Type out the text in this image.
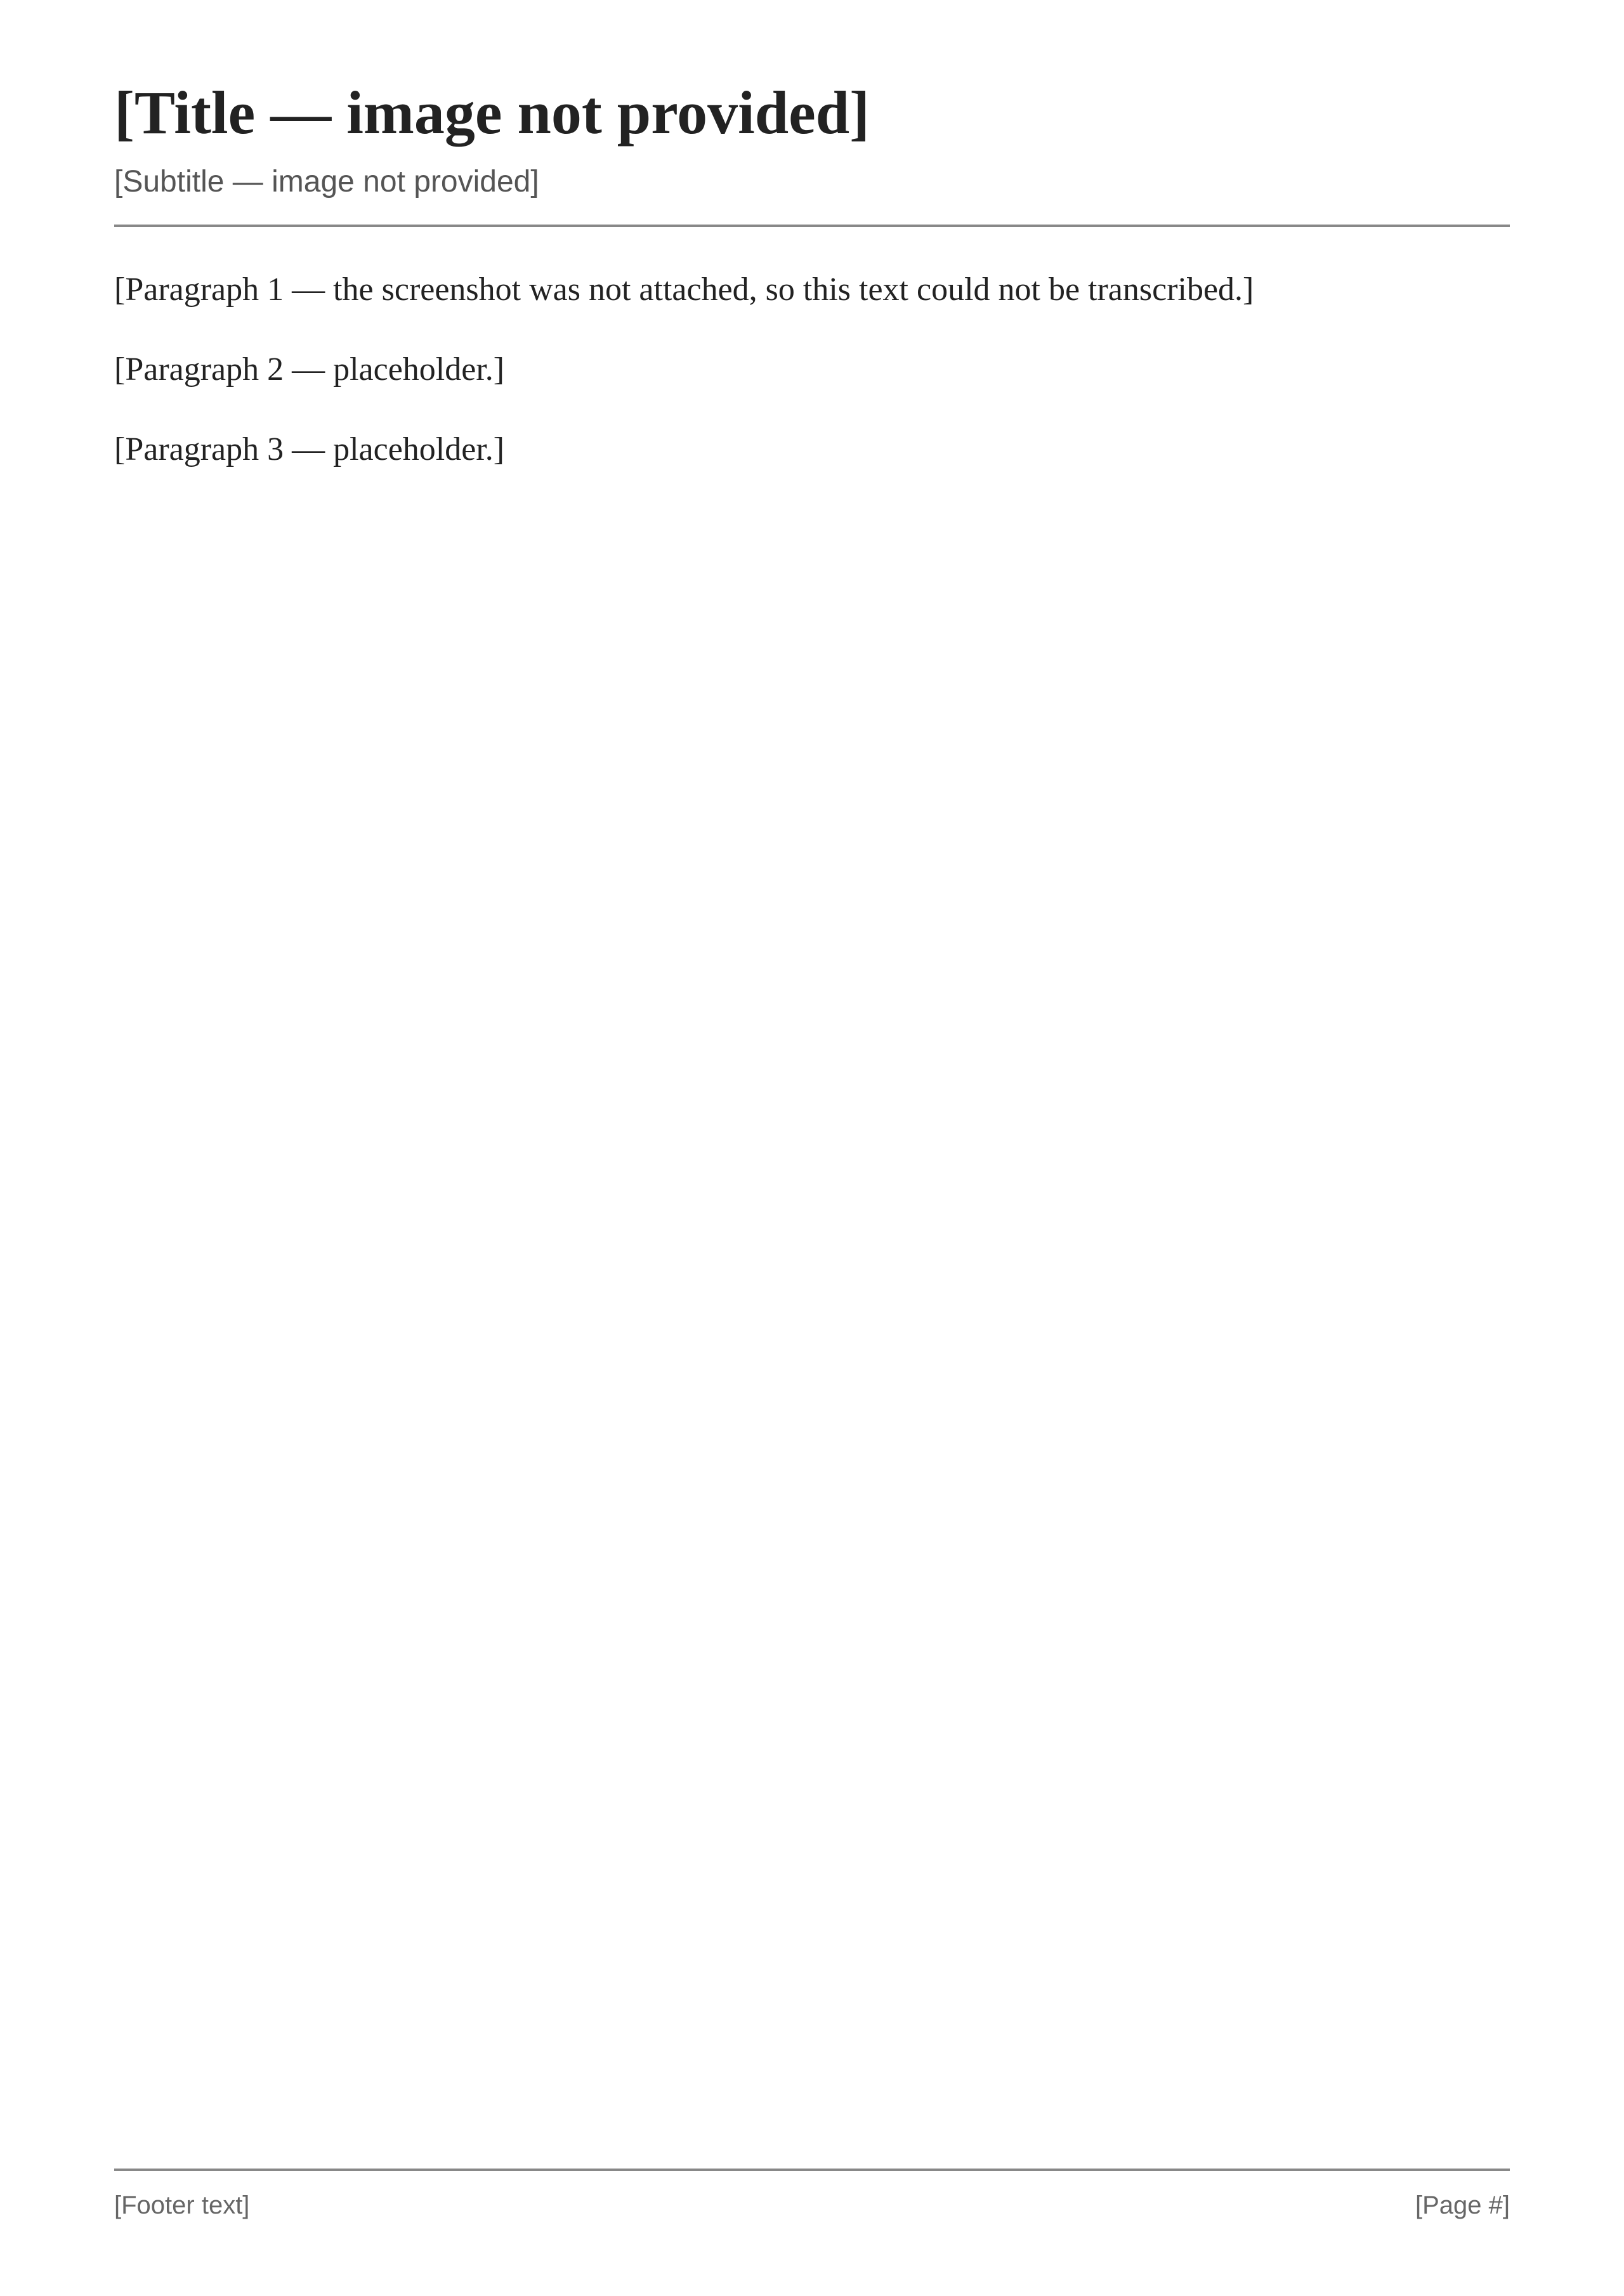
[Title — image not provided]
[Subtitle — image not provided]

[Paragraph 1 — the screenshot was not attached, so this text could not be transcribed.]

[Paragraph 2 — placeholder.]

[Paragraph 3 — placeholder.]

[Footer text]	[Page #]
